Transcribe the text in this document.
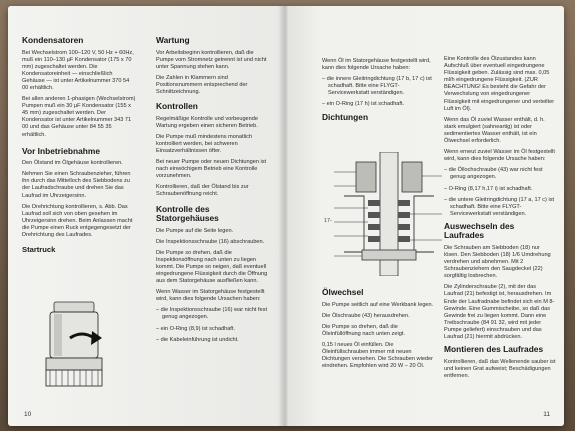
Kondensatoren

Bei Wechselstrom 100–120 V, 50 Hz + 60Hz, muß ein 110–130 µF Kondensator (175 x 70 mm) zugeschaltet werden. Die Kondensatoreinheit — einschließlich Gehäuse — ist unter Artikelnummer 370 54 00 erhältlich.

Bei allen anderen 1-phasigen (Wechselstrom) Pumpen muß ein 30 µF Kondensator (155 x 45 mm) zugeschaltet werden. Der Kondensator ist unter Artikelnummer 343 71 00 und das Gehäuse unter 84 55 35 erhältlich.

Vor Inbetriebnahme

Den Ölstand im Ölgehäuse kontrollieren.

Nehmen Sie einen Schraubenzieher, führen ihn durch das Mittelloch des Siebbodens zu der Laufradschraube und drehen Sie das Laufrad im Uhrzeigersinn.

Die Drehrichtung kontrollieren, s. Abb. Das Laufrad soll sich von oben gesehen im Uhrzeigersinn drehen. Beim Anlassen macht die Pumpe einen Ruck entgegengesetzt der Drehrichtung des Laufrades.

Startruck
Wartung

Vor Arbeitsbeginn kontrollieren, daß die Pumpe vom Stromnetz getrennt ist und nicht unter Spannung stehen kann.

Die Zahlen in Klammern sind Positionsnummern entsprechend der Schnittzeichnung.

Kontrollen

Regelmäßige Kontrolle und vorbeugende Wartung ergeben einen sicheren Betrieb.

Die Pumpe muß mindestens monatlich kontrolliert werden, bei schweren Einsatzverhältnissen öfter.

Bei neuer Pumpe oder neuen Dichtungen ist nach einwöchigem Betrieb eine Kontrolle vorzunehmen.

Kontrollieren, daß der Ölstand bis zur Schraubenöffnung reicht.

Kontrolle des Statorgehäuses

Die Pumpe auf die Seite legen.

Die Inspektionsschraube (16) abschrauben.

Die Pumpe so drehen, daß die Inspektionsöffnung nach unten zu liegen kommt. Die Pumpe so neigen, daß eventuell eingedrungene Flüssigkeit durch die Öffnung aus dem Statorgehäuse ausfließen kann.

Wenn Wasser im Statorgehäuse festgestellt wird, kann dies folgende Ursachen haben:

– die Inspektionsschraube (16) war nicht fest genug angezogen.

– ein O-Ring (8,9) ist schadhaft.

– die Kabeleinführung ist undicht.

10

Wenn Öl im Statorgehäuse festgestellt wird, kann dies folgende Ursache haben:

– die innere Gleitringdichtung (17 b, 17 c) ist schadhaft. Bitte eine FLYGT-Servicewerkstatt verständigen.

– ein O-Ring (17 h) ist schadhaft.

Dichtungen
17-
Ölwechsel

Die Pumpe seitlich auf eine Werkbank legen.

Die Ölschraube (43) herausdrehen.

Die Pumpe so drehen, daß die Öleinfüllöffnung nach unten zeigt.

0,15 l neues Öl einfüllen. Die Öleinfüllschrauben immer mit neuen Dichtungen versehen. Die Schrauben wieder eindrehen. Empfohlen wird 20 W – 20 Öl.

Eine Kontrolle des Ölzustandes kann Aufschluß über eventuell eingedrungene Flüssigkeit geben. Zulässig sind max. 0,05 ml/h eingedrungene Flüssigkeit. (ZUR BEACHTUNG! Es besteht die Gefahr der Verwechslung von eingedrungener Flüssigkeit mit eingedrungener und verteilter Luft im Öl).

Wenn das Öl zuviel Wasser enthält, d. h. stark emulgiert (sahneartig) ist oder sedimentiertes Wasser enthält, ist ein Ölwechsel erforderlich.

Wenn erneut zuviel Wasser im Öl festgestellt wird, kann dies folgende Ursache haben:

– die Öllochschraube (43) war nicht fest genug angezogen.

– O-Ring (8,17 h,17 i) ist schadhaft.

– die untere Gleitringdichtung (17 a, 17 c) ist schadhaft. Bitte eine FLYGT-Servicewerkstatt verständigen.

Auswechseln des Laufrades

Die Schrauben am Siebboden (18) nur lösen. Den Siebboden (18) 1/6 Umdrehung verdrehen und abnehmen. Mit 2 Schraubenziehern den Saugdeckel (22) sorgfältig losbrechen.

Die Zylinderschraube (2), mit der das Laufrad (21) befestigt ist, herausdrehen. Im Ende der Laufradnabe befindet sich ein M 8-Gewinde. Eine Gummischeibe, so daß das Gewinde frei zu liegen kommt. Dann eine Treibschraube (84 91 32, wird mit jeder Pumpe geliefert) einschrauben und das Laufrad (21) hiermit abdrücken.

Montieren des Laufrades

Kontrollieren, daß das Wellenende sauber ist und keinen Grat aufweist; Beschädigungen entfernen.

11
